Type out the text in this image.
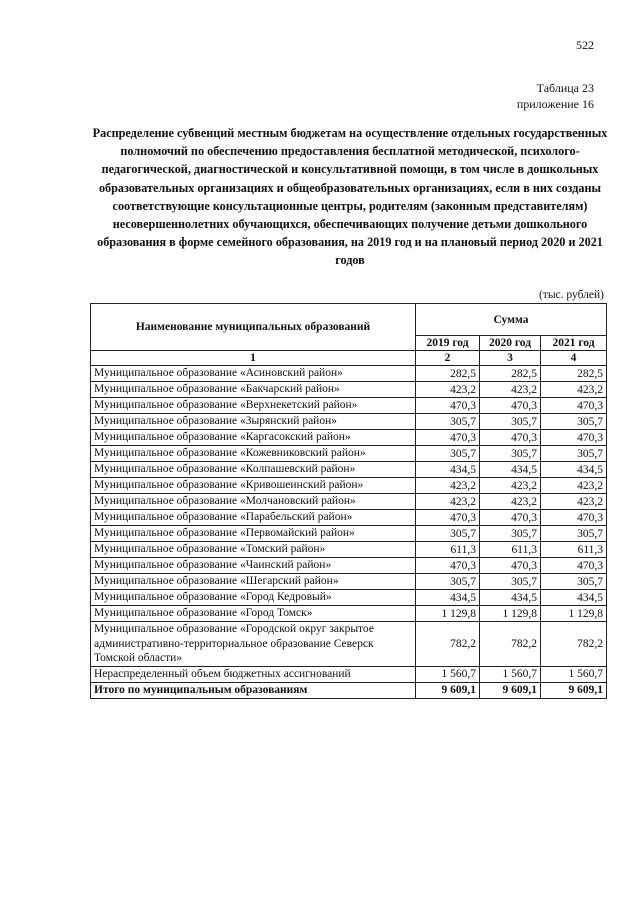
522
Таблица 23
приложение 16
Распределение субвенций местным бюджетам на осуществление отдельных государственных полномочий по обеспечению предоставления бесплатной методической, психолого-педагогической, диагностической и консультативной помощи, в том числе в дошкольных образовательных организациях и общеобразовательных организациях, если в них созданы соответствующие консультационные центры, родителям (законным представителям) несовершеннолетних обучающихся, обеспечивающих получение детьми дошкольного образования в форме семейного образования, на 2019 год и на плановый период 2020 и 2021 годов
(тыс. рублей)
Наименование муниципальных образований	Сумма		
	2019 год	2020 год	2021 год
1	2	3	4
Муниципальное образование «Асиновский район»	282,5	282,5	282,5
Муниципальное образование «Бакчарский район»	423,2	423,2	423,2
Муниципальное образование «Верхнекетский район»	470,3	470,3	470,3
Муниципальное образование «Зырянский район»	305,7	305,7	305,7
Муниципальное образование «Каргасокский район»	470,3	470,3	470,3
Муниципальное образование «Кожевниковский район»	305,7	305,7	305,7
Муниципальное образование «Колпашевский район»	434,5	434,5	434,5
Муниципальное образование «Кривошеинский район»	423,2	423,2	423,2
Муниципальное образование «Молчановский район»	423,2	423,2	423,2
Муниципальное образование «Парабельский район»	470,3	470,3	470,3
Муниципальное образование «Первомайский район»	305,7	305,7	305,7
Муниципальное образование «Томский район»	611,3	611,3	611,3
Муниципальное образование «Чаинский район»	470,3	470,3	470,3
Муниципальное образование «Шегарский район»	305,7	305,7	305,7
Муниципальное образование «Город Кедровый»	434,5	434,5	434,5
Муниципальное образование «Город Томск»	1 129,8	1 129,8	1 129,8
Муниципальное образование «Городской округ закрытое административно-территориальное образование Северск Томской области»	782,2	782,2	782,2
Нераспределенный объем бюджетных ассигнований	1 560,7	1 560,7	1 560,7
Итого по муниципальным образованиям	9 609,1	9 609,1	9 609,1
